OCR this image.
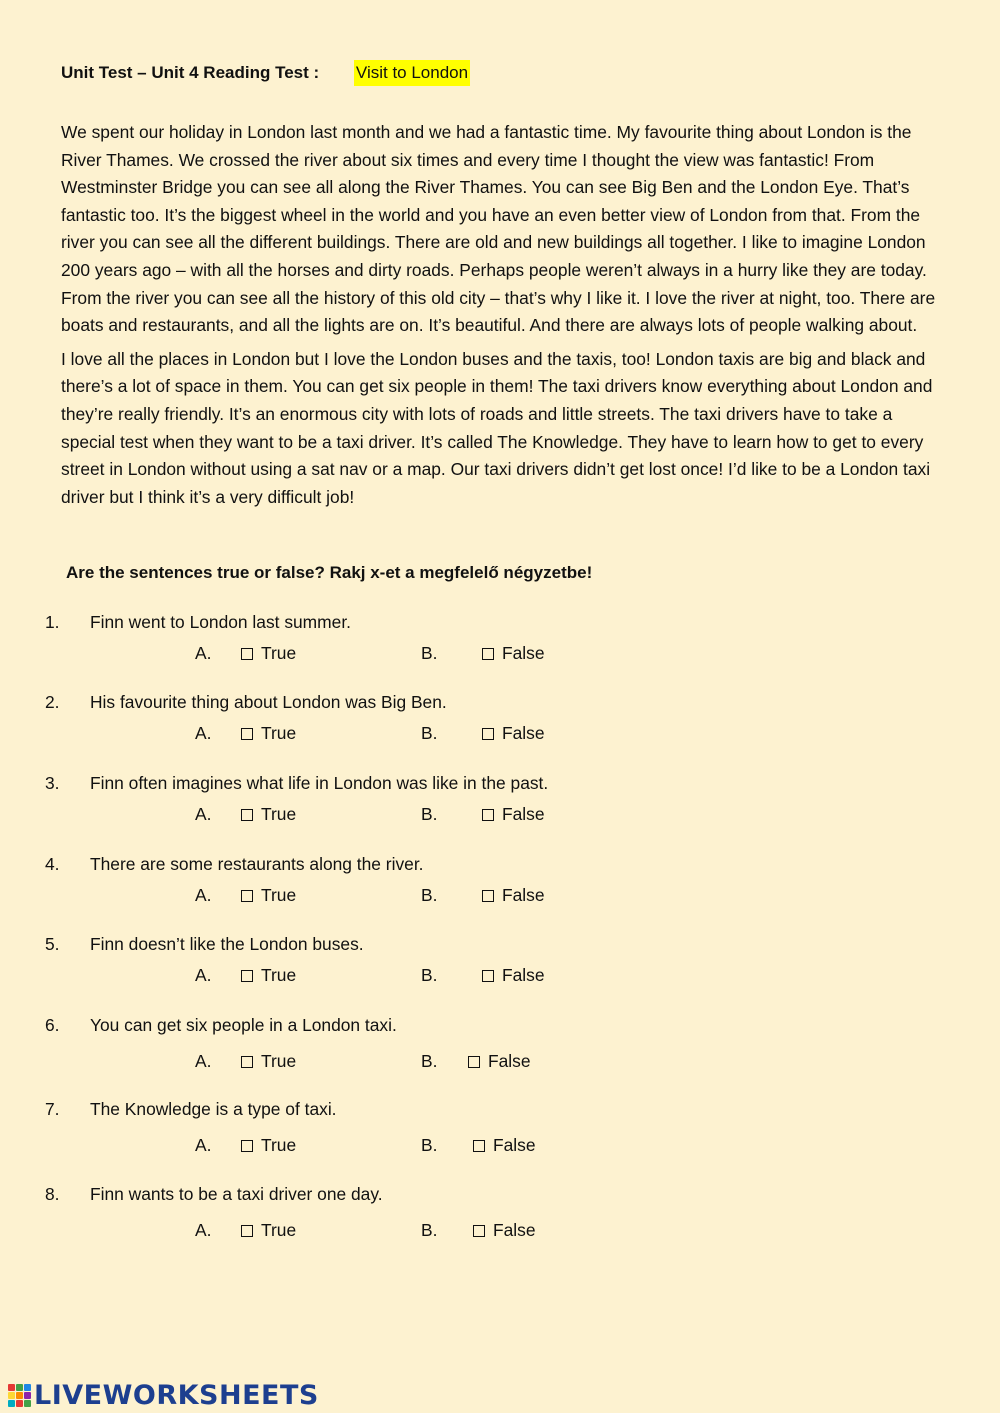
Unit Test – Unit 4 Reading Test : Visit to London

We spent our holiday in London last month and we had a fantastic time. My favourite thing about London is the River Thames. We crossed the river about six times and every time I thought the view was fantastic! From Westminster Bridge you can see all along the River Thames. You can see Big Ben and the London Eye. That’s fantastic too. It’s the biggest wheel in the world and you have an even better view of London from that. From the river you can see all the different buildings. There are old and new buildings all together. I like to imagine London 200 years ago – with all the horses and dirty roads. Perhaps people weren’t always in a hurry like they are today. From the river you can see all the history of this old city – that’s why I like it. I love the river at night, too. There are boats and restaurants, and all the lights are on. It’s beautiful. And there are always lots of people walking about.

I love all the places in London but I love the London buses and the taxis, too! London taxis are big and black and there’s a lot of space in them. You can get six people in them! The taxi drivers know everything about London and they’re really friendly. It’s an enormous city with lots of roads and little streets. The taxi drivers have to take a special test when they want to be a taxi driver. It’s called The Knowledge. They have to learn how to get to every street in London without using a sat nav or a map. Our taxi drivers didn’t get lost once! I’d like to be a London taxi driver but I think it’s a very difficult job!

Are the sentences true or false? Rakj x-et a megfelelő négyzetbe!
1. Finn went to London last summer.
A.	True	B.	False
2. His favourite thing about London was Big Ben.
A.	True	B.	False
3. Finn often imagines what life in London was like in the past.
A.	True	B.	False
4. There are some restaurants along the river.
A.	True	B.	False
5. Finn doesn’t like the London buses.
A.	True	B.	False
6. You can get six people in a London taxi.
A.	True	B.	False
7. The Knowledge is a type of taxi.
A.	True	B.	False
8. Finn wants to be a taxi driver one day.
A.	True	B.	False
LIVEWORKSHEETS
